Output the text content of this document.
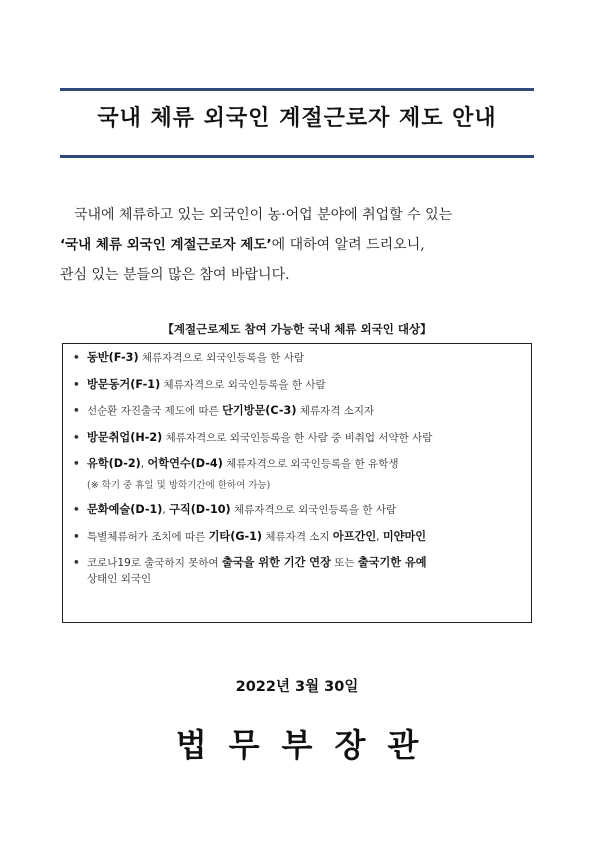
국내 체류 외국인 계절근로자 제도 안내
국내에 체류하고 있는 외국인이 농·어업 분야에 취업할 수 있는
‘국내 체류 외국인 계절근로자 제도’에 대하여 알려 드리오니,
관심 있는 분들의 많은 참여 바랍니다.
【계절근로제도 참여 가능한 국내 체류 외국인 대상】
• 동반(F-3) 체류자격으로 외국인등록을 한 사람
• 방문동거(F-1) 체류자격으로 외국인등록을 한 사람
• 선순환 자진출국 제도에 따른 단기방문(C-3) 체류자격 소지자
• 방문취업(H-2) 체류자격으로 외국인등록을 한 사람 중 비취업 서약한 사람
• 유학(D-2), 어학연수(D-4) 체류자격으로 외국인등록을 한 유학생
(※ 학기 중 휴일 및 방학기간에 한하여 가능)
• 문화예술(D-1), 구직(D-10) 체류자격으로 외국인등록을 한 사람
• 특별체류허가 조치에 따른 기타(G-1) 체류자격 소지 아프간인, 미얀마인
• 코로나19로 출국하지 못하여 출국을 위한 기간 연장 또는 출국기한 유예
상태인 외국인
2022년 3월 30일
법무부장관
